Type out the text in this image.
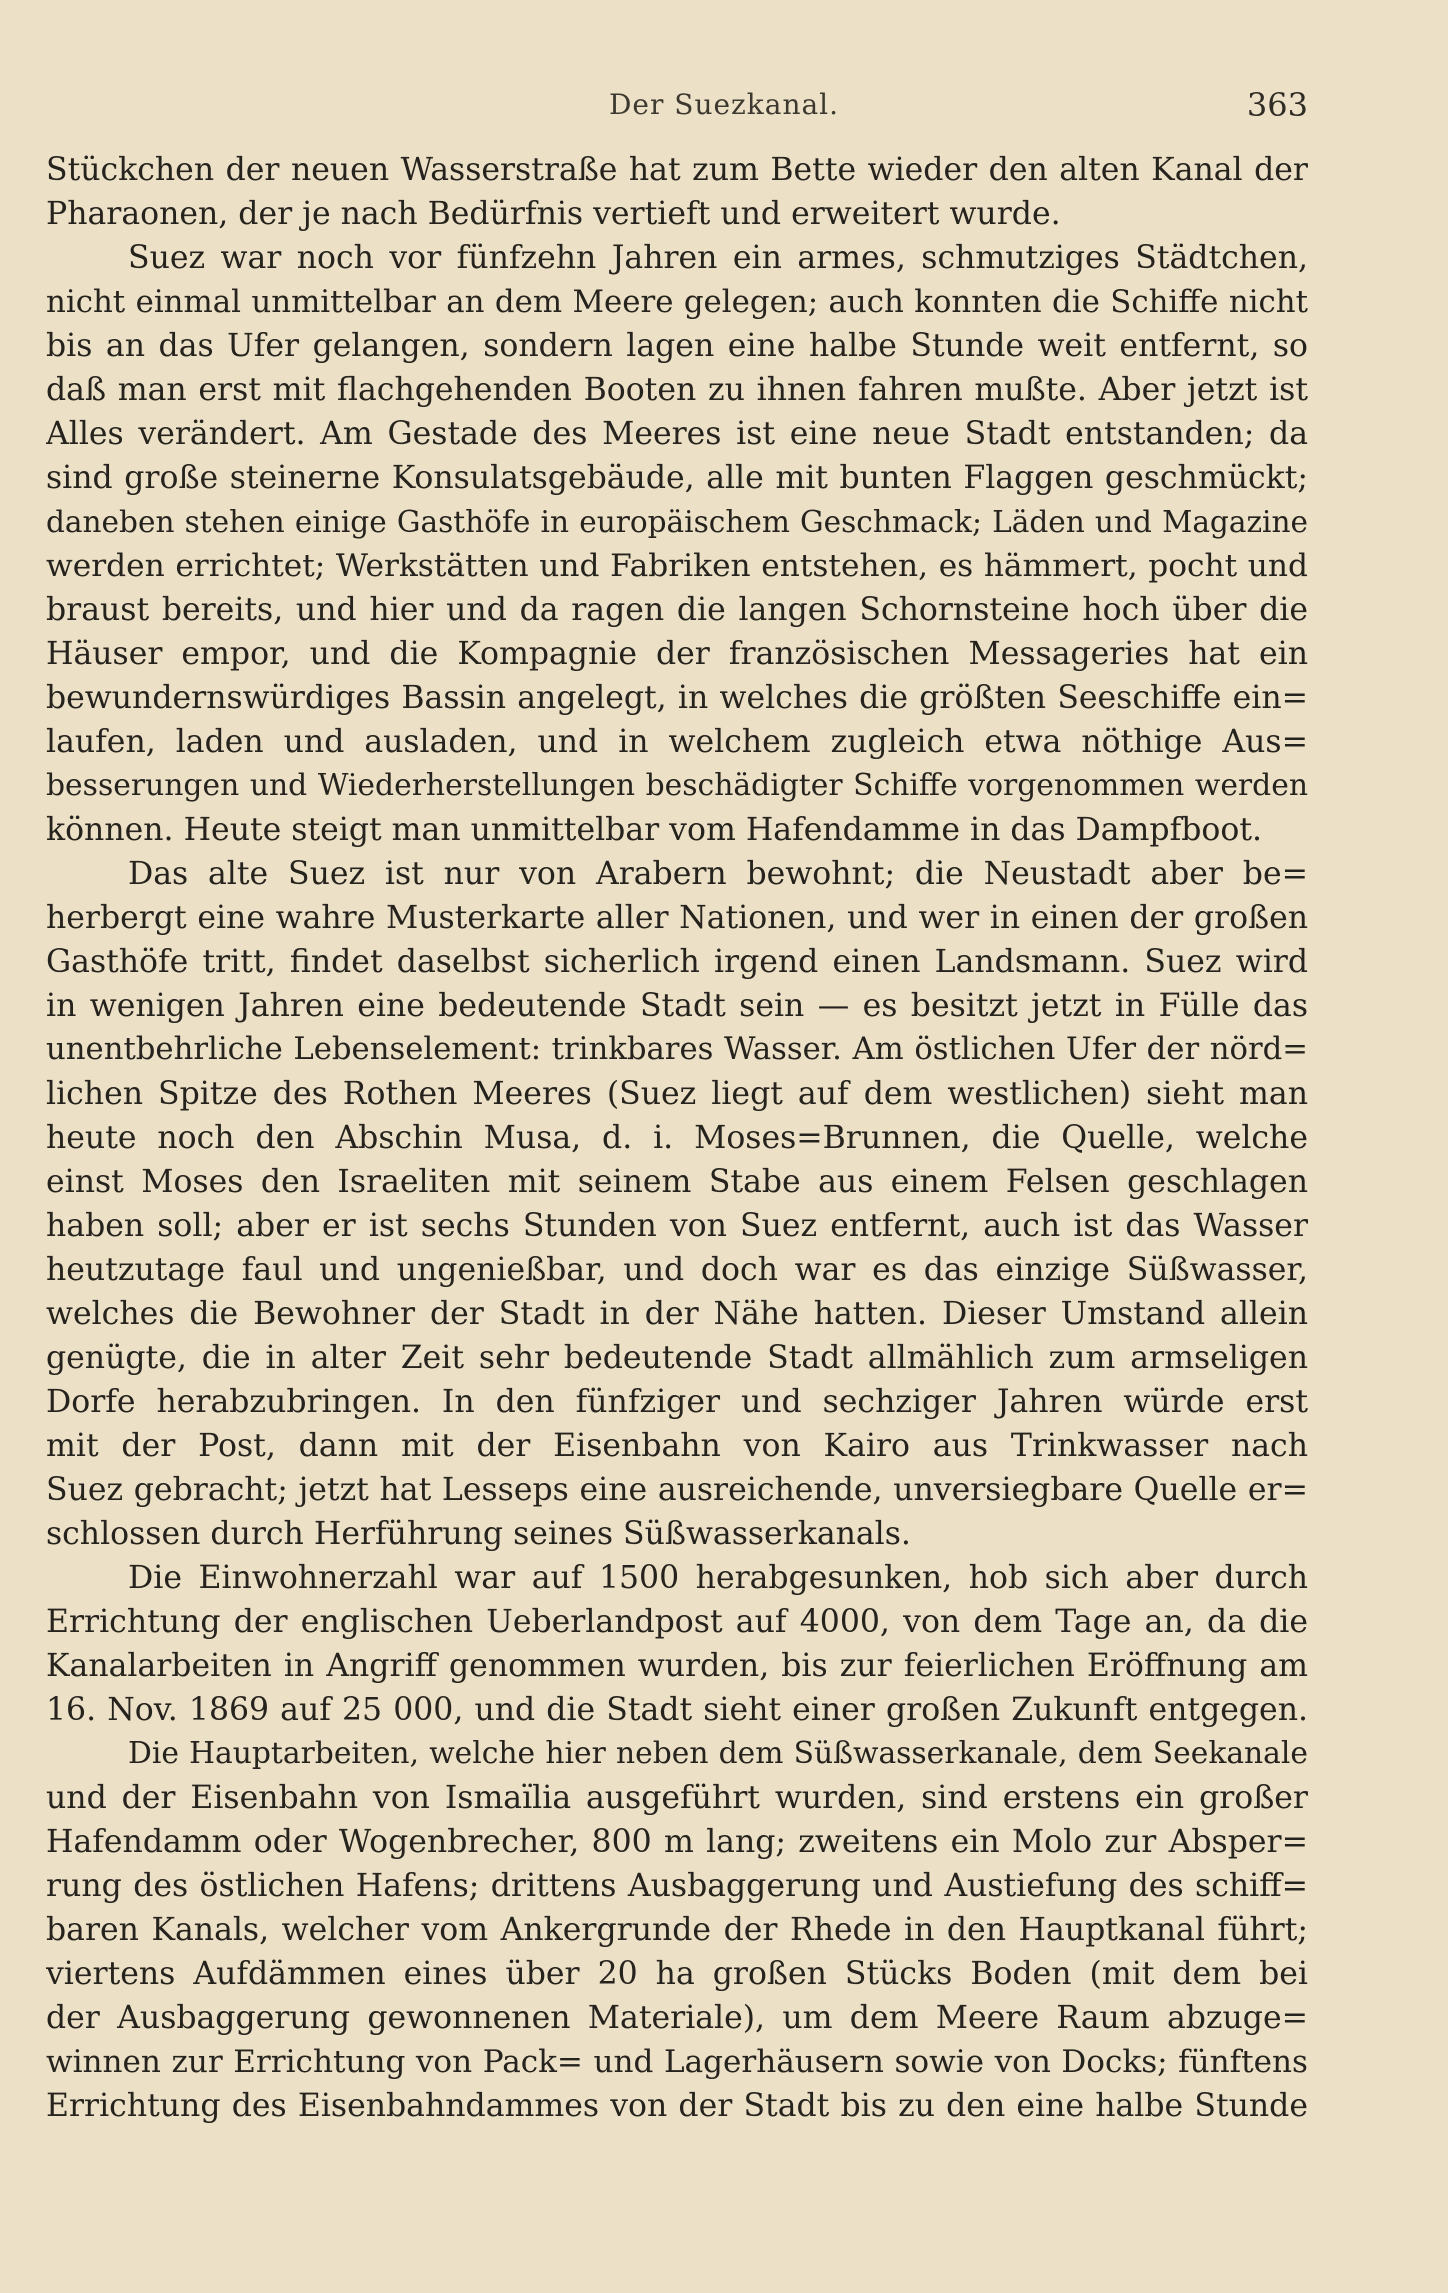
Der Suezkanal.	363
Stückchen der neuen Wasserstraße hat zum Bette wieder den alten Kanal der
Pharaonen, der je nach Bedürfnis vertieft und erweitert wurde.
Suez war noch vor fünfzehn Jahren ein armes, schmutziges Städtchen,
nicht einmal unmittelbar an dem Meere gelegen; auch konnten die Schiffe nicht
bis an das Ufer gelangen, sondern lagen eine halbe Stunde weit entfernt, so
daß man erst mit flachgehenden Booten zu ihnen fahren mußte. Aber jetzt ist
Alles verändert. Am Gestade des Meeres ist eine neue Stadt entstanden; da
sind große steinerne Konsulatsgebäude, alle mit bunten Flaggen geschmückt;
daneben stehen einige Gasthöfe in europäischem Geschmack; Läden und Magazine
werden errichtet; Werkstätten und Fabriken entstehen, es hämmert, pocht und
braust bereits, und hier und da ragen die langen Schornsteine hoch über die
Häuser empor, und die Kompagnie der französischen Messageries hat ein
bewundernswürdiges Bassin angelegt, in welches die größten Seeschiffe ein=
laufen, laden und ausladen, und in welchem zugleich etwa nöthige Aus=
besserungen und Wiederherstellungen beschädigter Schiffe vorgenommen werden
können. Heute steigt man unmittelbar vom Hafendamme in das Dampfboot.
Das alte Suez ist nur von Arabern bewohnt; die Neustadt aber be=
herbergt eine wahre Musterkarte aller Nationen, und wer in einen der großen
Gasthöfe tritt, findet daselbst sicherlich irgend einen Landsmann. Suez wird
in wenigen Jahren eine bedeutende Stadt sein — es besitzt jetzt in Fülle das
unentbehrliche Lebenselement: trinkbares Wasser. Am östlichen Ufer der nörd=
lichen Spitze des Rothen Meeres (Suez liegt auf dem westlichen) sieht man
heute noch den Abschin Musa, d. i. Moses=Brunnen, die Quelle, welche
einst Moses den Israeliten mit seinem Stabe aus einem Felsen geschlagen
haben soll; aber er ist sechs Stunden von Suez entfernt, auch ist das Wasser
heutzutage faul und ungenießbar, und doch war es das einzige Süßwasser,
welches die Bewohner der Stadt in der Nähe hatten. Dieser Umstand allein
genügte, die in alter Zeit sehr bedeutende Stadt allmählich zum armseligen
Dorfe herabzubringen. In den fünfziger und sechziger Jahren würde erst
mit der Post, dann mit der Eisenbahn von Kairo aus Trinkwasser nach
Suez gebracht; jetzt hat Lesseps eine ausreichende, unversiegbare Quelle er=
schlossen durch Herführung seines Süßwasserkanals.
Die Einwohnerzahl war auf 1500 herabgesunken, hob sich aber durch
Errichtung der englischen Ueberlandpost auf 4000, von dem Tage an, da die
Kanalarbeiten in Angriff genommen wurden, bis zur feierlichen Eröffnung am
16. Nov. 1869 auf 25 000, und die Stadt sieht einer großen Zukunft entgegen.
Die Hauptarbeiten, welche hier neben dem Süßwasserkanale, dem Seekanale
und der Eisenbahn von Ismaïlia ausgeführt wurden, sind erstens ein großer
Hafendamm oder Wogenbrecher, 800 m lang; zweitens ein Molo zur Absper=
rung des östlichen Hafens; drittens Ausbaggerung und Austiefung des schiff=
baren Kanals, welcher vom Ankergrunde der Rhede in den Hauptkanal führt;
viertens Aufdämmen eines über 20 ha großen Stücks Boden (mit dem bei
der Ausbaggerung gewonnenen Materiale), um dem Meere Raum abzuge=
winnen zur Errichtung von Pack= und Lagerhäusern sowie von Docks; fünftens
Errichtung des Eisenbahndammes von der Stadt bis zu den eine halbe Stunde
